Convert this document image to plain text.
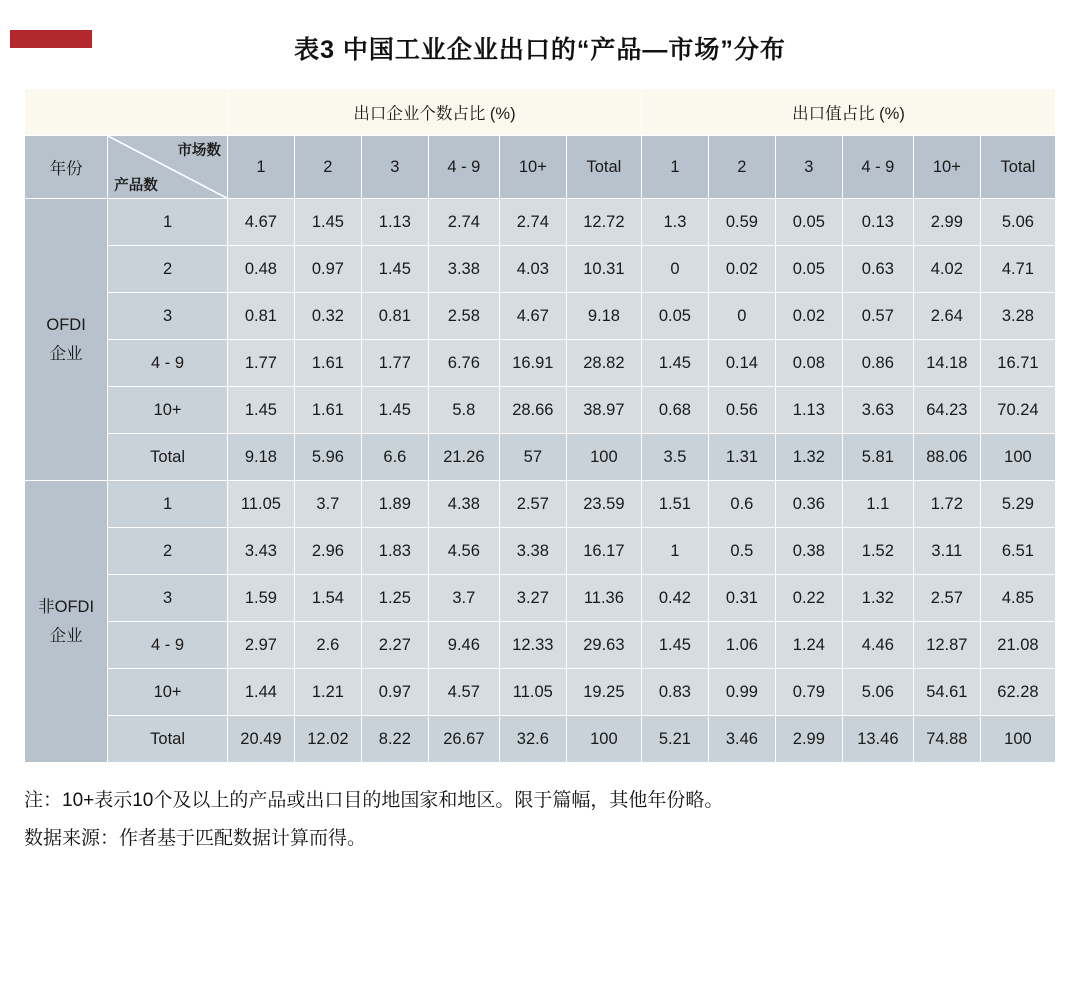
表3 中国工业企业出口的“产品—市场”分布
		出口企业个数占比 (%)						出口值占比 (%)					
年份	市场数
产品数	1	2	3	4 - 9	10+	Total	1	2	3	4 - 9	10+	Total

OFDI
企业	1	4.67	1.45	1.13	2.74	2.74	12.72	1.3	0.59	0.05	0.13	2.99	5.06
	2	0.48	0.97	1.45	3.38	4.03	10.31	0	0.02	0.05	0.63	4.02	4.71
	3	0.81	0.32	0.81	2.58	4.67	9.18	0.05	0	0.02	0.57	2.64	3.28
	4 - 9	1.77	1.61	1.77	6.76	16.91	28.82	1.45	0.14	0.08	0.86	14.18	16.71
	10+	1.45	1.61	1.45	5.8	28.66	38.97	0.68	0.56	1.13	3.63	64.23	70.24
	Total	9.18	5.96	6.6	21.26	57	100	3.5	1.31	1.32	5.81	88.06	100

非OFDI
企业	1	11.05	3.7	1.89	4.38	2.57	23.59	1.51	0.6	0.36	1.1	1.72	5.29
	2	3.43	2.96	1.83	4.56	3.38	16.17	1	0.5	0.38	1.52	3.11	6.51
	3	1.59	1.54	1.25	3.7	3.27	11.36	0.42	0.31	0.22	1.32	2.57	4.85
	4 - 9	2.97	2.6	2.27	9.46	12.33	29.63	1.45	1.06	1.24	4.46	12.87	21.08
	10+	1.44	1.21	0.97	4.57	11.05	19.25	0.83	0.99	0.79	5.06	54.61	62.28
	Total	20.49	12.02	8.22	26.67	32.6	100	5.21	3.46	2.99	13.46	74.88	100
注：10+表示10个及以上的产品或出口目的地国家和地区。限于篇幅，其他年份略。
数据来源：作者基于匹配数据计算而得。
